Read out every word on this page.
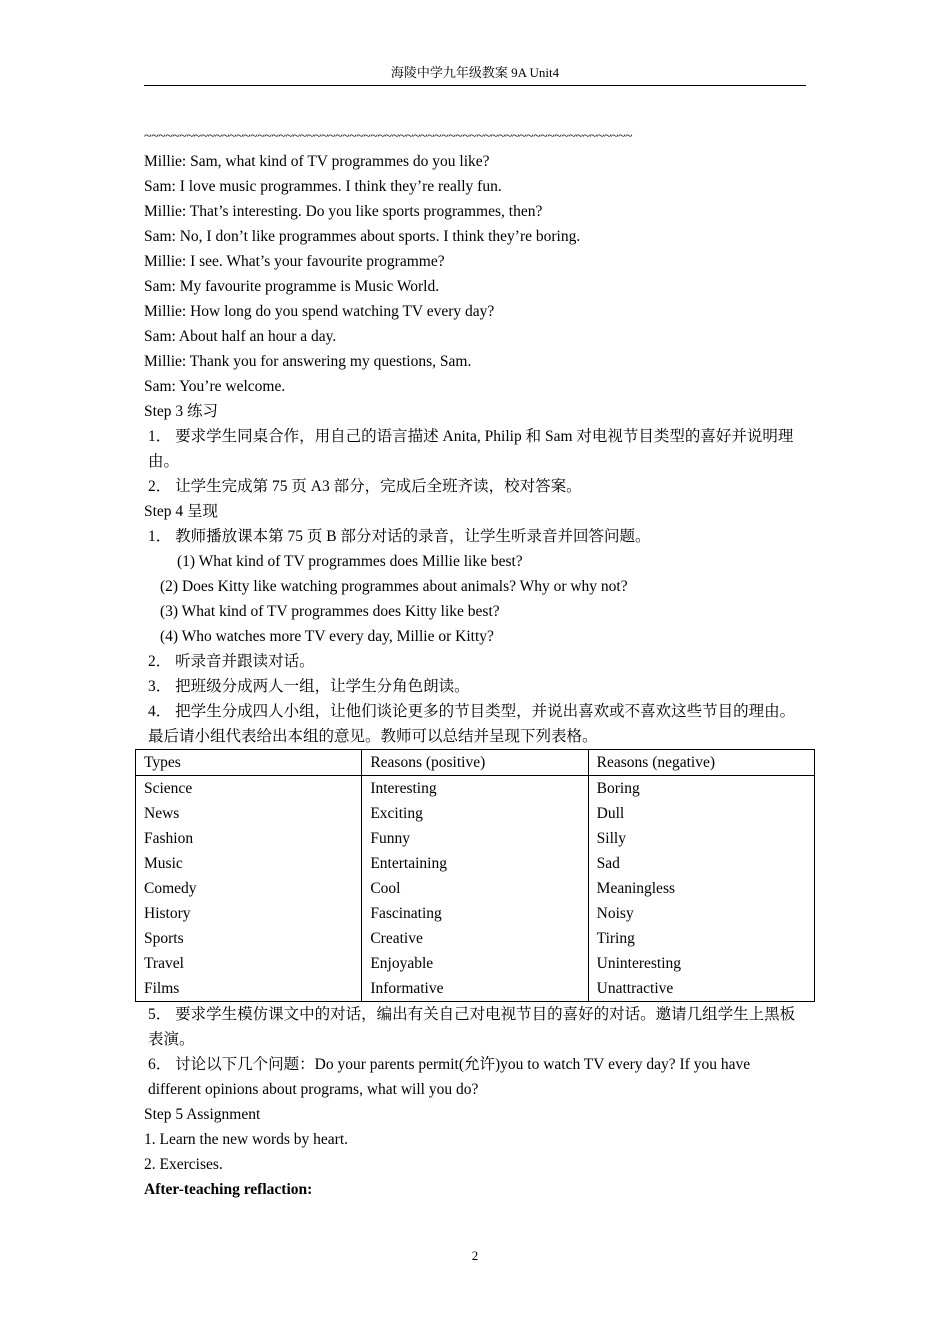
海陵中学九年级教案 9A Unit4
~~~~~~~~~~~~~~~~~~~~~~~~~~~~~~~~~~~~~~~~~~~~~~~~~~~~~~~~~~~~~~~~~~~~~
Millie: Sam, what kind of TV programmes do you like?
Sam: I love music programmes. I think they’re really fun.
Millie: That’s interesting. Do you like sports programmes, then?
Sam: No, I don’t like programmes about sports. I think they’re boring.
Millie: I see. What’s your favourite programme?
Sam: My favourite programme is Music World.
Millie: How long do you spend watching TV every day?
Sam: About half an hour a day.
Millie: Thank you for answering my questions, Sam.
Sam: You’re welcome.
Step 3 练习
1． 要求学生同桌合作，用自己的语言描述 Anita, Philip 和 Sam 对电视节目类型的喜好并说明理由。
2． 让学生完成第 75 页 A3 部分，完成后全班齐读，校对答案。
Step 4 呈现
1． 教师播放课本第 75 页 B 部分对话的录音，让学生听录音并回答问题。
(1) What kind of TV programmes does Millie like best?
(2) Does Kitty like watching programmes about animals? Why or why not?
(3) What kind of TV programmes does Kitty like best?
(4) Who watches more TV every day, Millie or Kitty?
2． 听录音并跟读对话。
3． 把班级分成两人一组，让学生分角色朗读。
4． 把学生分成四人小组，让他们谈论更多的节目类型，并说出喜欢或不喜欢这些节目的理由。最后请小组代表给出本组的意见。教师可以总结并呈现下列表格。
Types	Reasons (positive)	Reasons (negative)
Science	Interesting	Boring
News	Exciting	Dull
Fashion	Funny	Silly
Music	Entertaining	Sad
Comedy	Cool	Meaningless
History	Fascinating	Noisy
Sports	Creative	Tiring
Travel	Enjoyable	Uninteresting
Films	Informative	Unattractive
5． 要求学生模仿课文中的对话，编出有关自己对电视节目的喜好的对话。邀请几组学生上黑板表演。
6． 讨论以下几个问题：Do your parents permit(允许)you to watch TV every day? If you have different opinions about programs, what will you do?
Step 5 Assignment
1. Learn the new words by heart.
2. Exercises.
After-teaching reflaction:
2
